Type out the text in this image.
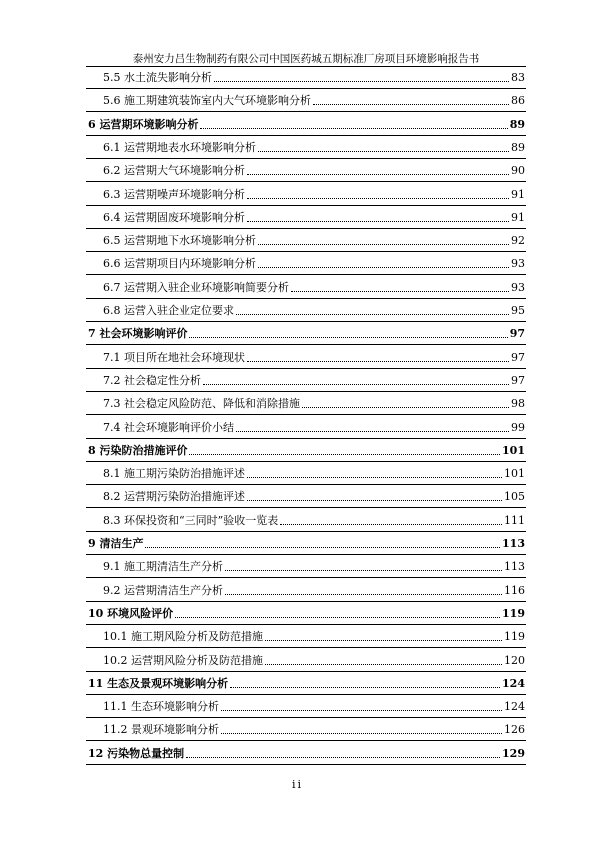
泰州安力吕生物制药有限公司中国医药城五期标准厂房项目环境影响报告书
5.5 水土流失影响分析	83
5.6 施工期建筑装饰室内大气环境影响分析	86
6 运营期环境影响分析	89
6.1 运营期地表水环境影响分析	89
6.2 运营期大气环境影响分析	90
6.3 运营期噪声环境影响分析	91
6.4 运营期固废环境影响分析	91
6.5 运营期地下水环境影响分析	92
6.6 运营期项目内环境影响分析	93
6.7 运营期入驻企业环境影响简要分析	93
6.8 运营入驻企业定位要求	95
7 社会环境影响评价	97
7.1 项目所在地社会环境现状	97
7.2 社会稳定性分析	97
7.3 社会稳定风险防范、降低和消除措施	98
7.4 社会环境影响评价小结	99
8 污染防治措施评价	101
8.1 施工期污染防治措施评述	101
8.2 运营期污染防治措施评述	105
8.3 环保投资和“三同时”验收一览表	111
9 清洁生产	113
9.1 施工期清洁生产分析	113
9.2 运营期清洁生产分析	116
10 环境风险评价	119
10.1 施工期风险分析及防范措施	119
10.2 运营期风险分析及防范措施	120
11 生态及景观环境影响分析	124
11.1 生态环境影响分析	124
11.2 景观环境影响分析	126
12 污染物总量控制	129
ii
